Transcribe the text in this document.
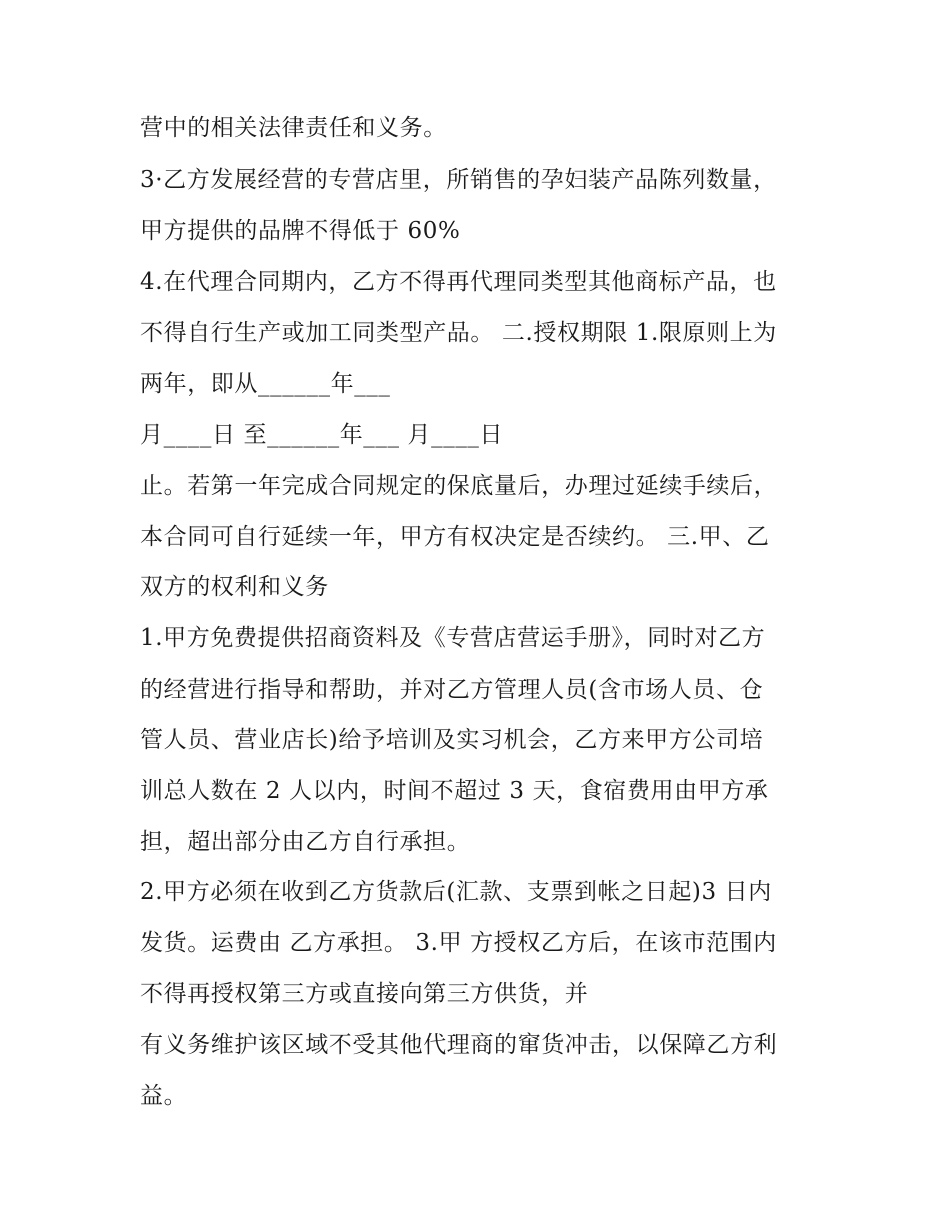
营中的相关法律责任和义务。
3·乙方发展经营的专营店里，所销售的孕妇装产品陈列数量，
甲方提供的品牌不得低于 60%
4.在代理合同期内，乙方不得再代理同类型其他商标产品，也
不得自行生产或加工同类型产品。 二.授权期限 1.限原则上为
两年，即从______年___
月____日 至______年___ 月____日
止。若第一年完成合同规定的保底量后，办理过延续手续后，
本合同可自行延续一年，甲方有权决定是否续约。 三.甲、乙
双方的权利和义务
1.甲方免费提供招商资料及《专营店营运手册》，同时对乙方
的经营进行指导和帮助，并对乙方管理人员(含市场人员、仓
管人员、营业店长)给予培训及实习机会，乙方来甲方公司培
训总人数在 2 人以内，时间不超过 3 天，食宿费用由甲方承
担，超出部分由乙方自行承担。
2.甲方必须在收到乙方货款后(汇款、支票到帐之日起)3 日内
发货。运费由 乙方承担。 3.甲 方授权乙方后，在该市范围内
不得再授权第三方或直接向第三方供货，并
有义务维护该区域不受其他代理商的窜货冲击，以保障乙方利
益。
